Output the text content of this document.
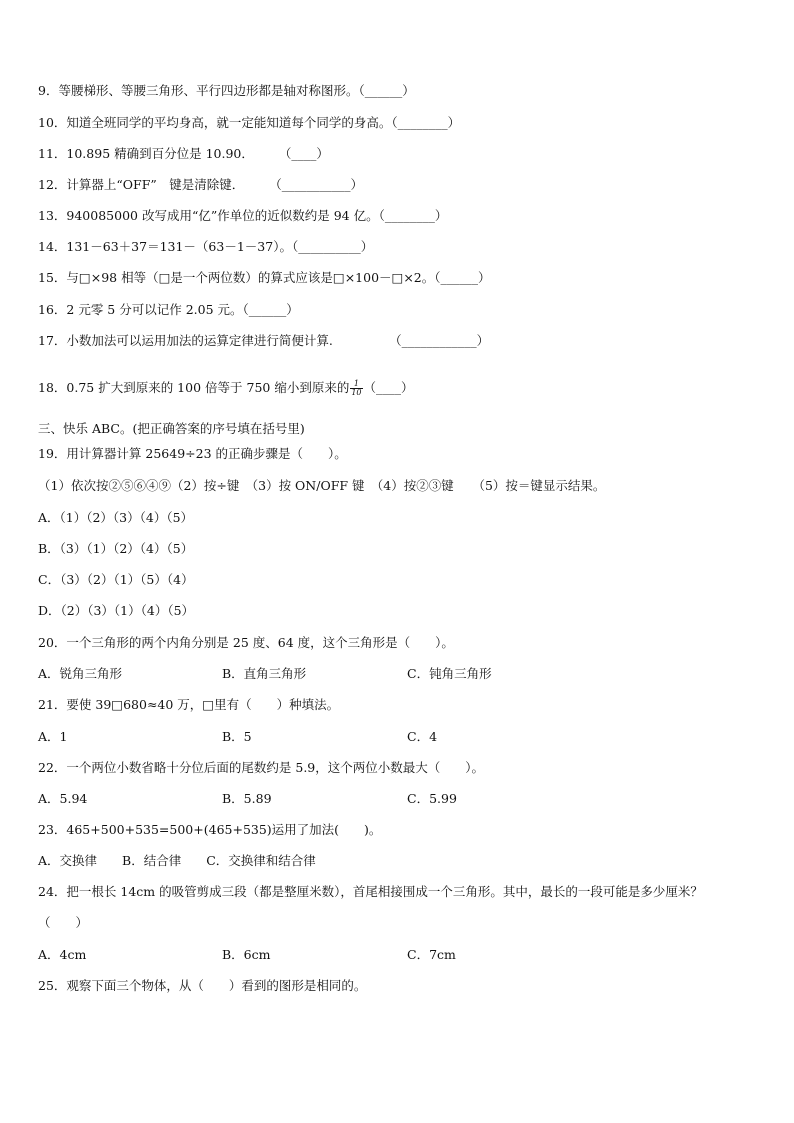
9．等腰梯形、等腰三角形、平行四边形都是轴对称图形。（______）
10．知道全班同学的平均身高，就一定能知道每个同学的身高。（________）
11．10.895 精确到百分位是 10.90．　　　（____）
12．计算器上“OFF”　键是清除键．　　　（___________）
13．940085000 改写成用“亿”作单位的近似数约是 94 亿。（________）
14．131－63＋37＝131－（63－1－37）。（__________）
15．与□×98 相等（□是一个两位数）的算式应该是□×100－□×2。（______）
16．2 元零 5 分可以记作 2.05 元。（______）
17．小数加法可以运用加法的运算定律进行简便计算.　　　　　（____________）
19．用计算器计算 25649÷23 的正确步骤是（　　）。
（1）依次按②⑤⑥④⑨（2）按÷键　（3）按 ON/OFF 键　（4）按②③键　　（5）按＝键显示结果。
A．（1）（2）（3）（4）（5）
B．（3）（1）（2）（4）（5）
C．（3）（2）（1）（5）（4）
D．（2）（3）（1）（4）（5）
20．一个三角形的两个内角分别是 25 度、64 度，这个三角形是（　　）。
21．要使 39□680≈40 万，□里有（　　）种填法。
22．一个两位小数省略十分位后面的尾数约是 5.9，这个两位小数最大（　　）。
23．465+500+535=500+(465+535)运用了加法(　　)。
A．交换律　　B．结合律　　C．交换律和结合律
24．把一根长 14cm 的吸管剪成三段（都是整厘米数），首尾相接围成一个三角形。其中，最长的一段可能是多少厘米？
（　　）
25．观察下面三个物体，从（　　）看到的图形是相同的。
18．0.75 扩大到原来的 100 倍等于 750 缩小到原来的 $\frac{1}{10}$ （____）
三、快乐 ABC。(把正确答案的序号填在括号里)
A．锐角三角形	B．直角三角形	C．钝角三角形
A．1	B．5	C．4
A．5.94	B．5.89	C．5.99
A．4cm	B．6cm	C．7cm
